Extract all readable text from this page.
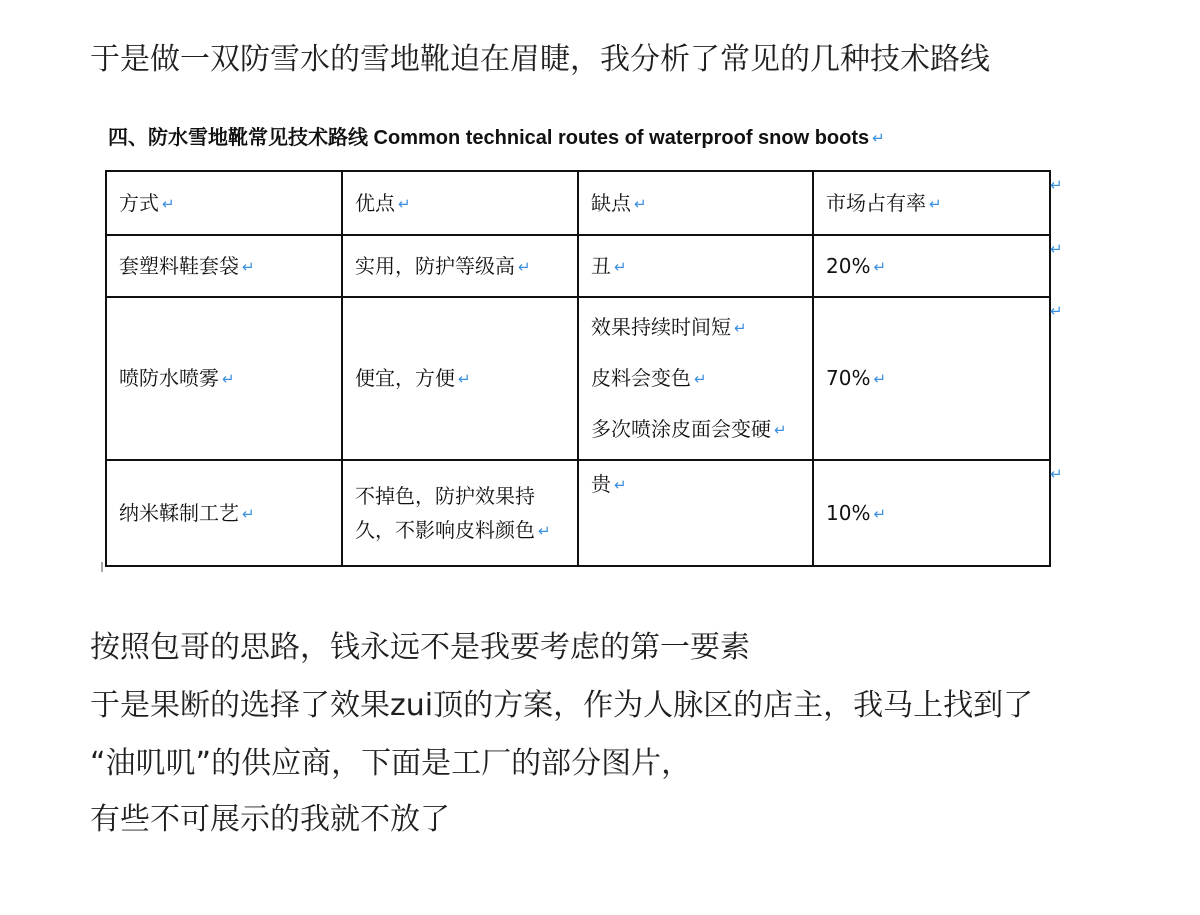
于是做一双防雪水的雪地靴迫在眉睫，我分析了常见的几种技术路线
四、防水雪地靴常见技术路线 Common technical routes of waterproof snow boots ↵
方式 ↵	优点 ↵	缺点 ↵	市场占有率 ↵
套塑料鞋套袋 ↵	实用，防护等级高 ↵	丑 ↵	20% ↵
喷防水喷雾 ↵	便宜，方便 ↵	效果持续时间短 ↵
皮料会变色 ↵
多次喷涂皮面会变硬 ↵	70% ↵
纳米鞣制工艺 ↵	不掉色，防护效果持
久，不影响皮料颜色 ↵	贵 ↵	10% ↵
↵
↵
↵
↵
按照包哥的思路，钱永远不是我要考虑的第一要素
于是果断的选择了效果zui顶的方案，作为人脉区的店主，我马上找到了
“油叽叽”的供应商，下面是工厂的部分图片，
有些不可展示的我就不放了
